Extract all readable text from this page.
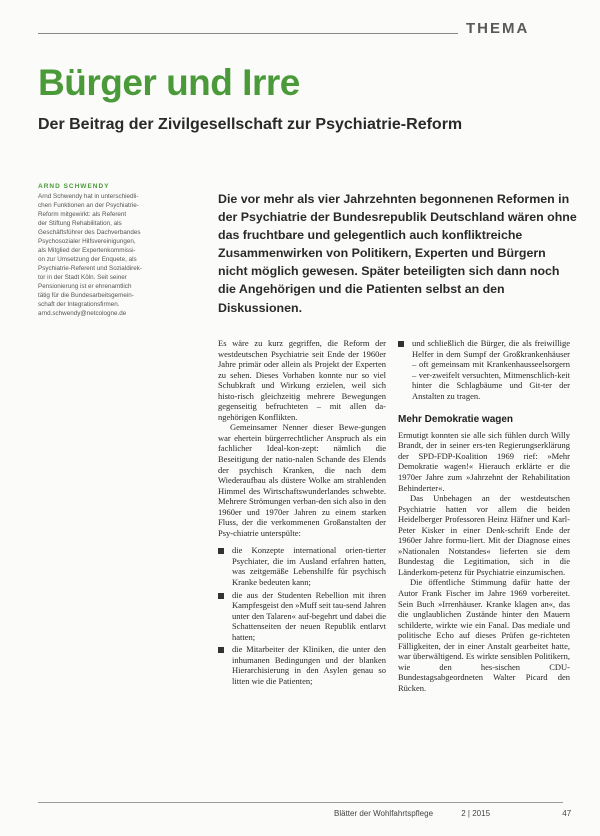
THEMA
Bürger und Irre
Der Beitrag der Zivilgesellschaft zur Psychiatrie-Reform
ARND SCHWENDY
Arnd Schwendy hat in unterschiedli-
chen Funktionen an der Psychiatrie-
Reform mitgewirkt: als Referent
der Stiftung Rehabilitation, als
Geschäftsführer des Dachverbandes
Psychosozialer Hilfsvereinigungen,
als Mitglied der Expertenkommissi-
on zur Umsetzung der Enquete, als
Psychiatrie-Referent und Sozialdirek-
tor in der Stadt Köln. Seit seiner
Pensionierung ist er ehrenamtlich
tätig für die Bundesarbeitsgemein-
schaft der Integrationsfirmen.
arnd.schwendy@netcologne.de
Die vor mehr als vier Jahrzehnten begonnenen Reformen in der Psychiatrie der Bundesrepublik Deutschland wären ohne das fruchtbare und gelegentlich auch konfliktreiche Zusammenwirken von Politikern, Experten und Bürgern nicht möglich gewesen. Später beteiligten sich dann noch die Angehörigen und die Patienten selbst an den Diskussionen.

Es wäre zu kurz gegriffen, die Reform der westdeutschen Psychiatrie seit Ende der 1960er Jahre primär oder allein als Projekt der Experten zu sehen. Dieses Vorhaben konnte nur so viel Schubkraft und Wirkung erzielen, weil sich histo-risch gleichzeitig mehrere Bewegungen gegenseitig befruchteten – mit allen da-ngehörigen Konflikten.

Gemeinsamer Nenner dieser Bewe-gungen war ehertein bürgerrechtlicher Anspruch als ein fachlicher Ideal-kon-zept: nämlich die Beseitigung der natio-nalen Schande des Elends der psychisch Kranken, die nach dem Wiederaufbau als düstere Wolke am strahlenden Himmel des Wirtschaftswunderlandes schwebte. Mehrere Strömungen verban-den sich also in den 1960er und 1970er Jahren zu einem starken Fluss, der die verkommenen Großanstalten der Psy-chiatrie unterspülte:

die Konzepte international orien-tierter Psychiater, die im Ausland erfahren hatten, was zeitgemäße Lebenshilfe für psychisch Kranke bedeuten kann;
die aus der Studenten Rebellion mit ihren Kampfesgeist den »Muff seit tau-send Jahren unter den Talaren« auf-begehrt und dabei die Schattenseiten der neuen Republik entlarvt hatten;
die Mitarbeiter der Kliniken, die unter den inhumanen Bedingungen und der blanken Hierarchisierung in den Asylen genau so litten wie die Patienten;
und schließlich die Bürger, die als freiwillige Helfer in dem Sumpf der Großkrankenhäuser – oft gemeinsam mit Krankenhausseelsorgern – ver-zweifelt versuchten, Mitmenschlich-keit hinter die Schlagbäume und Git-ter der Anstalten zu tragen.
Mehr Demokratie wagen

Ermutigt konnten sie alle sich fühlen durch Willy Brandt, der in seiner ers-ten Regierungserklärung der SPD-FDP-Koalition 1969 rief: »Mehr Demokratie wagen!« Hierauch erklärte er die 1970er Jahre zum »Jahrzehnt der Rehabilitation Behinderter«.

Das Unbehagen an der westdeutschen Psychiatrie hatten vor allem die beiden Heidelberger Professoren Heinz Häfner und Karl-Peter Kisker in einer Denk-schrift Ende der 1960er Jahre formu-liert. Mit der Diagnose eines »Nationalen Notstandes« lieferten sie dem Bundestag die Legitimation, sich in die Länderkom-petenz für Psychiatrie einzumischen.

Die öffentliche Stimmung dafür hatte der Autor Frank Fischer im Jahre 1969 vorbereitet. Sein Buch »Irrenhäuser. Kranke klagen an«, das die unglaublichen Zustände hinter den Mauern schilderte, wirkte wie ein Fanal. Das mediale und politische Echo auf dieses Prüfen ge-richteten Fälligkeiten, der in einer Anstalt gearbeitet hatte, war überwältigend. Es wirkte sensiblen Politikern, wie den hes-sischen CDU-Bundestagsabgeordneten Walter Picard den Rücken.

Blätter der Wohlfahrtspflege	2 | 2015	47
